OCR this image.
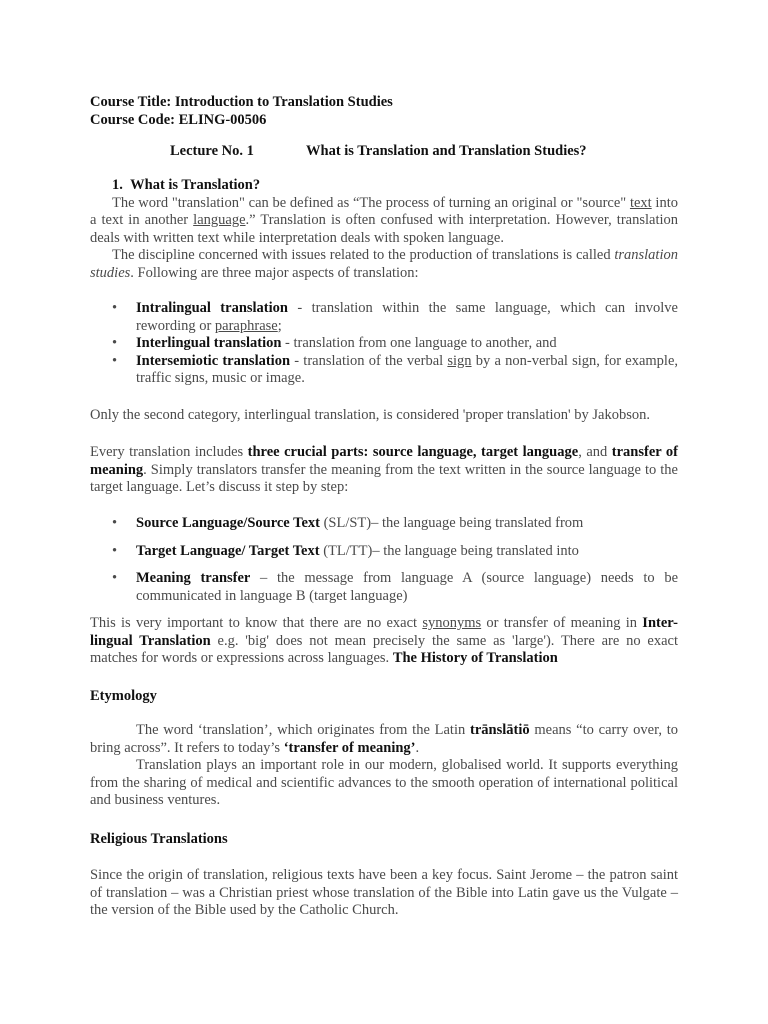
Course Title: Introduction to Translation Studies
Course Code: ELING-00506
Lecture No. 1	What is Translation and Translation Studies?
1. What is Translation?
The word "translation" can be defined as “The process of turning an original or "source" text into a text in another language.” Translation is often confused with interpretation. However, translation deals with written text while interpretation deals with spoken language.
The discipline concerned with issues related to the production of translations is called translation studies. Following are three major aspects of translation:
• Intralingual translation - translation within the same language, which can involve rewording or paraphrase;
• Interlingual translation - translation from one language to another, and
• Intersemiotic translation - translation of the verbal sign by a non-verbal sign, for example, traffic signs, music or image.
Only the second category, interlingual translation, is considered 'proper translation' by Jakobson.
Every translation includes three crucial parts: source language, target language, and transfer of meaning. Simply translators transfer the meaning from the text written in the source language to the target language. Let’s discuss it step by step:
• Source Language/Source Text (SL/ST)– the language being translated from
• Target Language/ Target Text (TL/TT)– the language being translated into
• Meaning transfer – the message from language A (source language) needs to be communicated in language B (target language)
This is very important to know that there are no exact synonyms or transfer of meaning in Inter-lingual Translation e.g. 'big' does not mean precisely the same as 'large'). There are no exact matches for words or expressions across languages. The History of Translation
Etymology
The word ‘translation’, which originates from the Latin trānslātiō means “to carry over, to bring across”. It refers to today’s ‘transfer of meaning’.
Translation plays an important role in our modern, globalised world. It supports everything from the sharing of medical and scientific advances to the smooth operation of international political and business ventures.
Religious Translations
Since the origin of translation, religious texts have been a key focus. Saint Jerome – the patron saint of translation – was a Christian priest whose translation of the Bible into Latin gave us the Vulgate – the version of the Bible used by the Catholic Church.
